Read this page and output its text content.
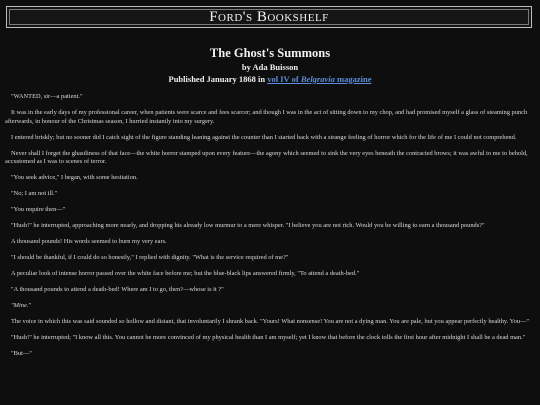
Ford's Bookshelf
The Ghost's Summons
by Ada Buisson
Published January 1868 in vol IV of Belgravia magazine

"WANTED, sir—a patient."

It was in the early days of my professional career, when patients were scarce and fees scarcer; and though I was in the act of sitting down to my chop, and had promised myself a glass of steaming punch afterwards, in honour of the Christmas season, I hurried instantly into my surgery.

I entered briskly; but no sooner did I catch sight of the figure standing leaning against the counter than I started back with a strange feeling of horror which for the life of me I could not comprehend.

Never shall I forget the ghastliness of that face—the white horror stamped upon every feature—the agony which seemed to sink the very eyes beneath the contracted brows; it was awful to me to behold, accustomed as I was to scenes of terror.

"You seek advice," I began, with some hesitation.

"No; I am not ill."

"You require then—"

"Hush!" he interrupted, approaching more nearly, and dropping his already low murmur to a mere whisper. "I believe you are not rich. Would you be willing to earn a thousand pounds?"

A thousand pounds! His words seemed to burn my very ears.

"I should be thankful, if I could do so honestly," I replied with dignity. "What is the service required of me?"

A peculiar look of intense horror passed over the white face before me; but the blue-black lips answered firmly, "To attend a death-bed."

"A thousand pounds to attend a death-bed! Where am I to go, then?—whose is it ?"

"Mine."

The voice in which this was said sounded so hollow and distant, that involuntarily I shrank back. "Yours! What nonsense! You are not a dying man. You are pale, but you appear perfectly healthy. You—"

"Hush!" he interrupted; "I know all this. You cannot be more convinced of my physical health than I am myself; yet I know that before the clock tolls the first hour after midnight I shall be a dead man."

"But—"
